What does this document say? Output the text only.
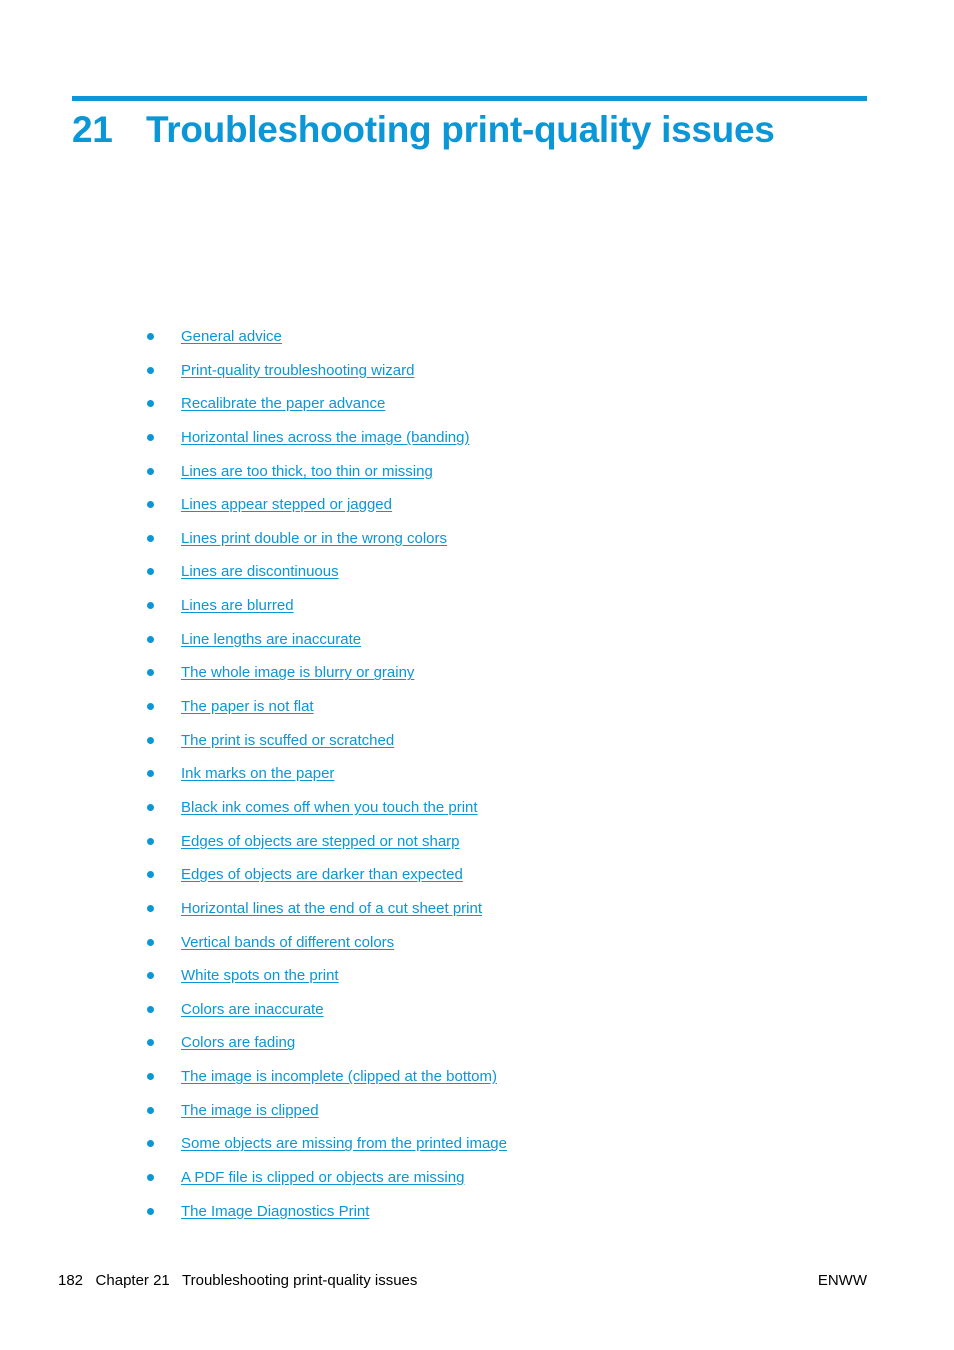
21 Troubleshooting print-quality issues
General advice
Print-quality troubleshooting wizard
Recalibrate the paper advance
Horizontal lines across the image (banding)
Lines are too thick, too thin or missing
Lines appear stepped or jagged
Lines print double or in the wrong colors
Lines are discontinuous
Lines are blurred
Line lengths are inaccurate
The whole image is blurry or grainy
The paper is not flat
The print is scuffed or scratched
Ink marks on the paper
Black ink comes off when you touch the print
Edges of objects are stepped or not sharp
Edges of objects are darker than expected
Horizontal lines at the end of a cut sheet print
Vertical bands of different colors
White spots on the print
Colors are inaccurate
Colors are fading
The image is incomplete (clipped at the bottom)
The image is clipped
Some objects are missing from the printed image
A PDF file is clipped or objects are missing
The Image Diagnostics Print
182 Chapter 21 Troubleshooting print-quality issues	ENWW
